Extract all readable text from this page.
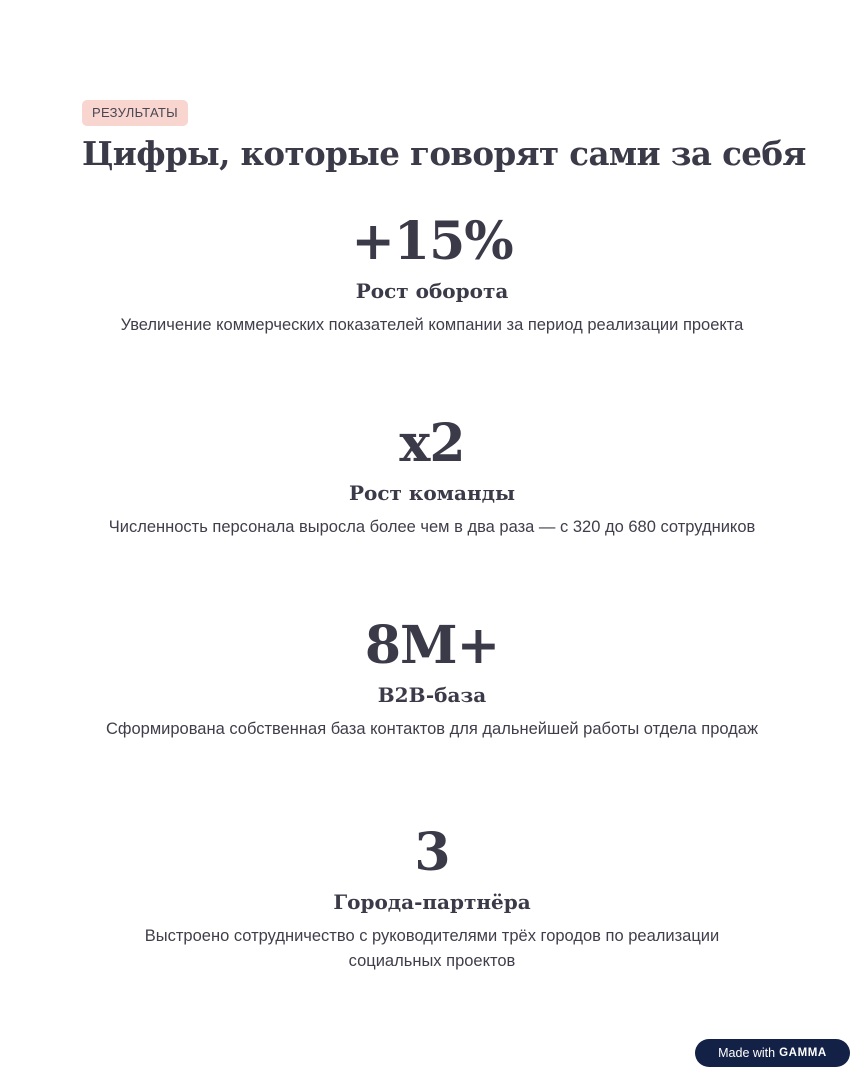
РЕЗУЛЬТАТЫ
Цифры, которые говорят сами за себя
+15%
Рост оборота
Увеличение коммерческих показателей компании за период реализации проекта
x2
Рост команды
Численность персонала выросла более чем в два раза — с 320 до 680 сотрудников
8M+
B2B-база
Сформирована собственная база контактов для дальнейшей работы отдела продаж
3
Города-партнёра
Выстроено сотрудничество с руководителями трёх городов по реализации социальных проектов
Made with GAMMA
